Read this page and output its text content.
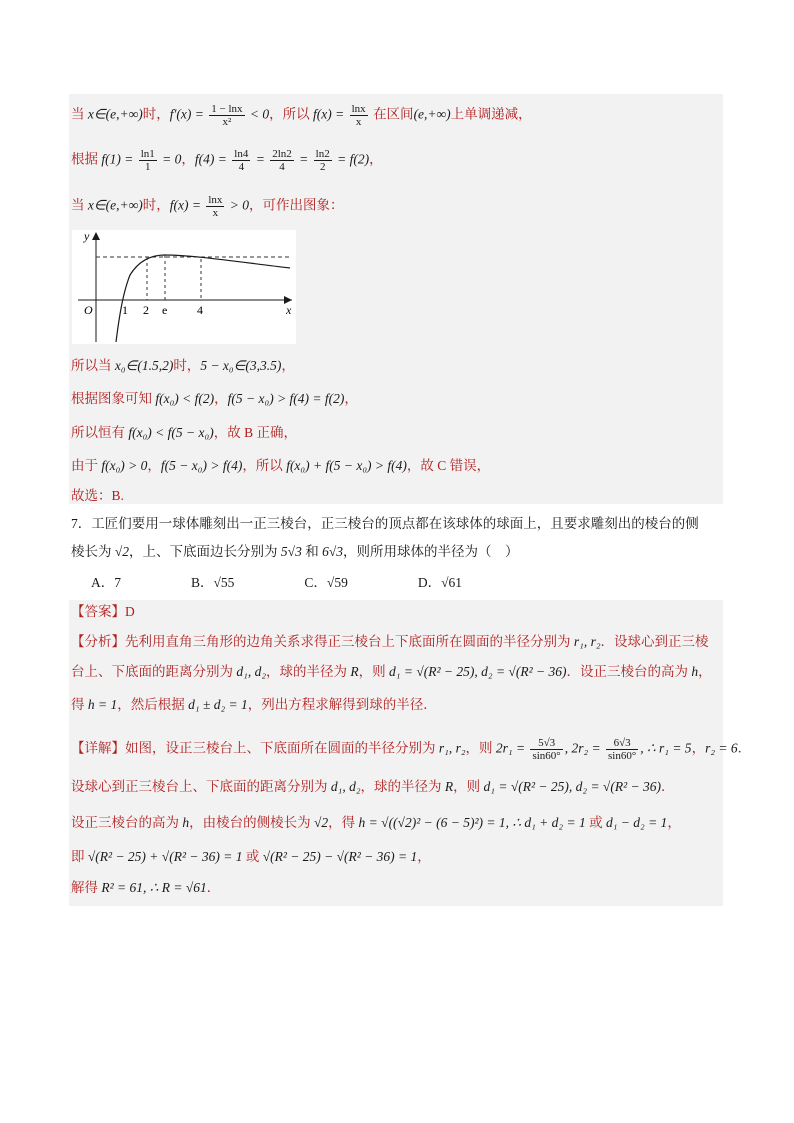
当 x∈(e,+∞)时，$f'(x) = \frac{1 - \ln x}{\text{x²}} < 0$，所以 $f(x) = \frac{\ln x}{x}$ 在区间(e,+∞)上单调递减，
根据 $f(1) = \frac{\ln 1}{1} = 0$，$f(4) = \frac{\ln 4}{4} = \frac{2\ln 2}{4} = \frac{\ln 2}{2} = f(2)$，
当 x∈(e,+∞)时，$f(x) = \frac{\ln x}{x} > 0$，可作出图象：
所以当 x₀∈(1.5,2)时，5 − x₀∈(3,3.5)，
根据图象可知 f(x₀) < f(2)，f(5 − x₀) > f(4) = f(2)，
所以恒有 f(x₀) < f(5 − x₀)，故 B 正确，
由于 f(x₀) > 0，f(5 − x₀) > f(4)，所以 f(x₀) + f(5 − x₀) > f(4)，故 C 错误，
故选：B.
7．工匠们要用一球体雕刻出一正三棱台，正三棱台的顶点都在该球体的球面上，且要求雕刻出的棱台的侧
棱长为 √2，上、下底面边长分别为 5√3 和 6√3，则所用球体的半径为（　）
A．7	B．√55	C．√59	D．√61
【答案】D
【分析】先利用直角三角形的边角关系求得正三棱台上下底面所在圆面的半径分别为 r₁, r₂．设球心到正三棱
台上、下底面的距离分别为 d₁, d₂，球的半径为 R，则 d₁ = √(R² − 25), d₂ = √(R² − 36)．设正三棱台的高为 h，
得 h = 1，然后根据 d₁ ± d₂ = 1，列出方程求解得到球的半径．
【详解】如图，设正三棱台上、下底面所在圆面的半径分别为 r₁, r₂，则 $2r_1 = \frac{5√3}{\sin 60^\circ}$ , $2r_2 = \frac{6√3}{\sin 60^\circ}$ , ∴ r₁ = 5，r₂ = 6．
设球心到正三棱台上、下底面的距离分别为 d₁, d₂，球的半径为 R，则 d₁ = √(R² − 25), d₂ = √(R² − 36)．
设正三棱台的高为 h，由棱台的侧棱长为 √2，得 h = √((√2)² − (6 − 5)²) = 1, ∴ d₁ + d₂ = 1 或 d₁ − d₂ = 1，
即 √(R² − 25) + √(R² − 36) = 1 或 √(R² − 25) − √(R² − 36) = 1，
解得 R² = 61, ∴ R = √61．
O	x
y
1 2 e 4
